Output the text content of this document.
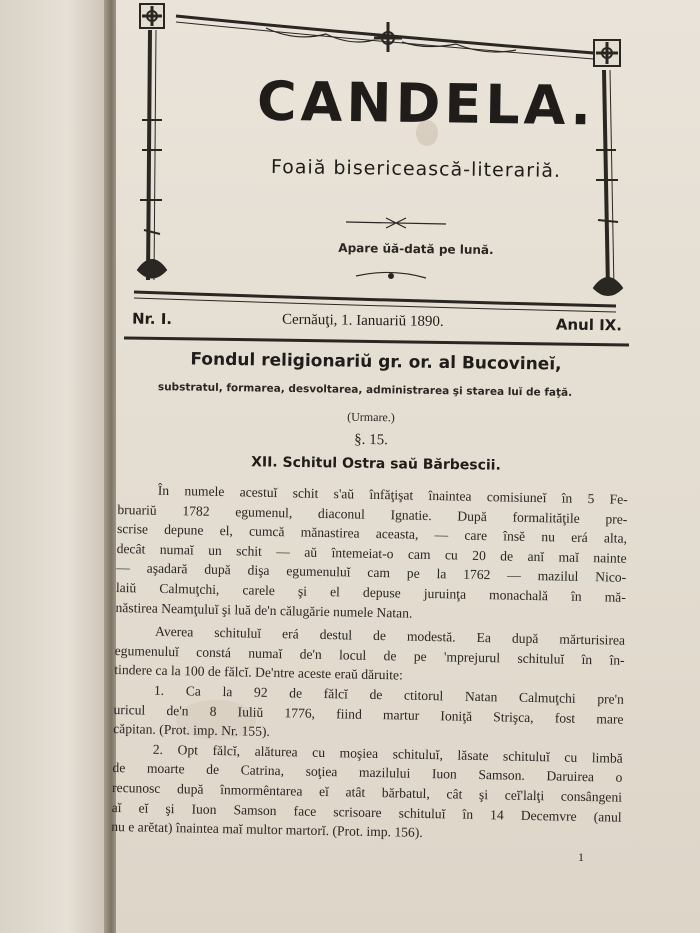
CANDELA.
Foaiă bisericească-literariă.
Apare ŭă-dată pe lună.
Nr. I.	Cernăuţi, 1. Ianuariŭ 1890.	Anul IX.
Fondul religionariŭ gr. or. al Bucovineĭ,
substratul, formarea, desvoltarea, administrarea şi starea luĭ de faţă.
(Urmare.)
§. 15.
XII. Schitul Ostra saŭ Bărbescii.

În numele acestuĭ schit s'aŭ înfăţişat înaintea comisiuneĭ în 5 Fe-

bruariŭ 1782 egumenul, diaconul Ignatie. După formalităţile pre-

scrise depune el, cumcă mănastirea aceasta, — care însĕ nu erá alta,

decât numaĭ un schit — aŭ întemeiat-o cam cu 20 de anĭ maĭ nainte

— aşadară după dişa egumenuluĭ cam pe la 1762 — mazilul Nico-

laiŭ Calmuţchi, carele şi el depuse juruinţa monachală în mă-

năstirea Neamţuluĭ şi luă de'n călugărie numele Natan.

Averea schituluĭ erá destul de modestă. Ea după mărturisirea

egumenuluĭ constá numaĭ de'n locul de pe 'mprejurul schituluĭ în în-

tindere ca la 100 de fălcĭ. De'ntre aceste eraŭ dăruite:

1. Ca la 92 de fălcĭ de ctitorul Natan Calmuţchi pre'n

uricul de'n 8 Iuliŭ 1776, fiind martur Ioniţă Strişca, fost mare

căpitan. (Prot. imp. Nr. 155).

2. Opt fălcĭ, alăturea cu moşiea schituluĭ, lăsate schituluĭ cu limbă

de moarte de Catrina, soţiea mazilului Iuon Samson. Daruirea o

recunosc după înmormêntarea eĭ atât bărbatul, cât şi ceĭ'lalţi consângeni

aĭ eĭ şi Iuon Samson face scrisoare schituluĭ în 14 Decemvre (anul

nu e arĕtat) înaintea maĭ multor martorĭ. (Prot. imp. 156).

1
